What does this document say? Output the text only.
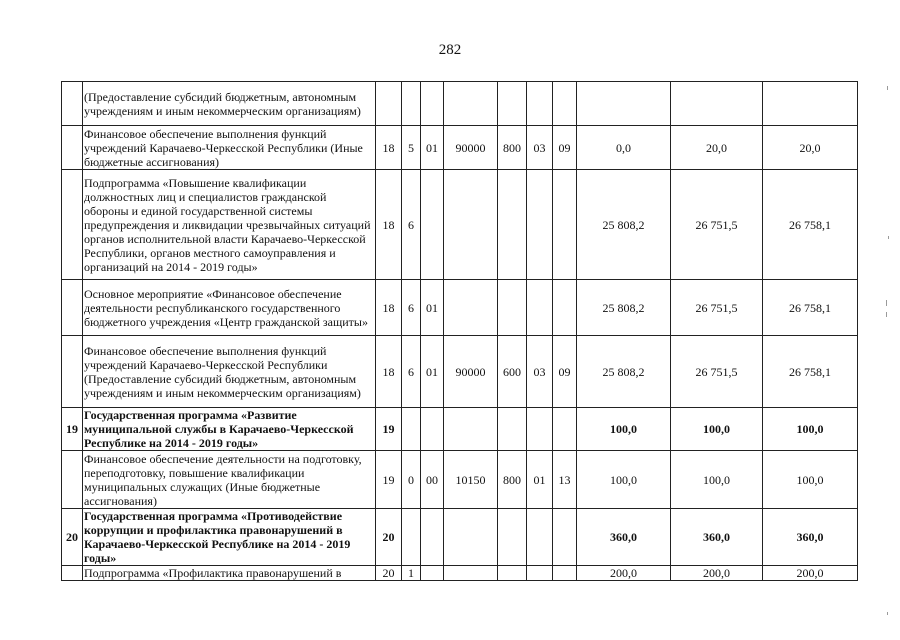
282
	(Предоставление субсидий бюджетным, автономным учреждениям и иным некоммерческим организациям)										
	Финансовое обеспечение выполнения функций учреждений Карачаево-Черкесской Республики (Иные бюджетные ассигнования)	18	5	01	90000	800	03	09	0,0	20,0	20,0
	Подпрограмма «Повышение квалификации должностных лиц и специалистов гражданской обороны и единой государственной системы предупреждения и ликвидации чрезвычайных ситуаций органов исполнительной власти Карачаево-Черкесской Республики, органов местного самоуправления и организаций на 2014 - 2019 годы»	18	6						25 808,2	26 751,5	26 758,1
	Основное мероприятие «Финансовое обеспечение деятельности республиканского государственного бюджетного учреждения «Центр гражданской защиты»	18	6	01					25 808,2	26 751,5	26 758,1
	Финансовое обеспечение выполнения функций учреждений Карачаево-Черкесской Республики (Предоставление субсидий бюджетным, автономным учреждениям и иным некоммерческим организациям)	18	6	01	90000	600	03	09	25 808,2	26 751,5	26 758,1
19	Государственная программа «Развитие муниципальной службы в Карачаево-Черкесской Республике на 2014 - 2019 годы»	19							100,0	100,0	100,0
	Финансовое обеспечение деятельности на подготовку, переподготовку, повышение квалификации муниципальных служащих (Иные бюджетные ассигнования)	19	0	00	10150	800	01	13	100,0	100,0	100,0
20	Государственная программа «Противодействие коррупции и профилактика правонарушений в Карачаево-Черкесской Республике на 2014 - 2019 годы»	20							360,0	360,0	360,0
	Подпрограмма «Профилактика правонарушений в	20	1						200,0	200,0	200,0
